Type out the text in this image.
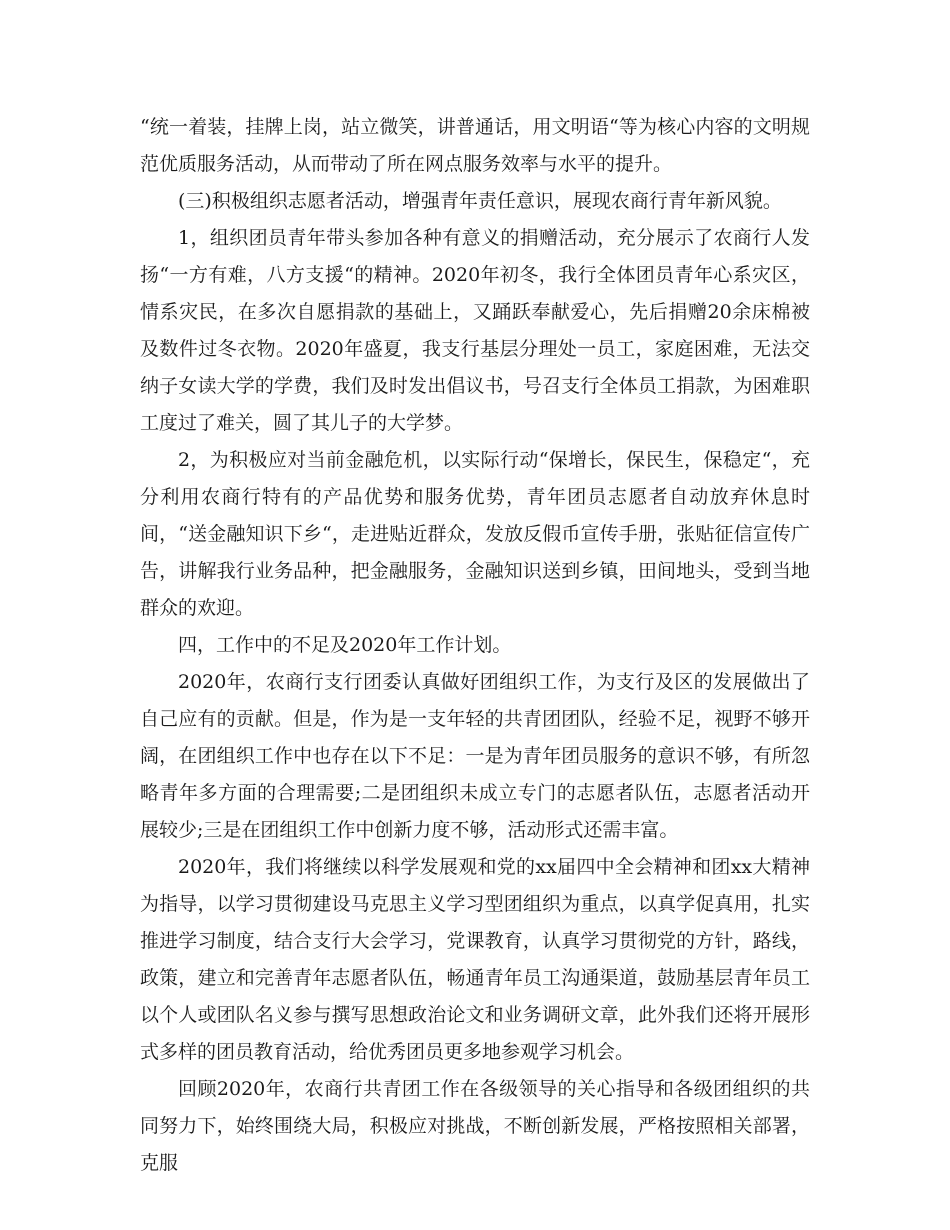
“统一着装，挂牌上岗，站立微笑，讲普通话，用文明语“等为核心内容的文明规范优质服务活动，从而带动了所在网点服务效率与水平的提升。

(三)积极组织志愿者活动，增强青年责任意识，展现农商行青年新风貌。

1，组织团员青年带头参加各种有意义的捐赠活动，充分展示了农商行人发扬“一方有难，八方支援“的精神。2020年初冬，我行全体团员青年心系灾区，情系灾民，在多次自愿捐款的基础上，又踊跃奉献爱心，先后捐赠20余床棉被及数件过冬衣物。2020年盛夏，我支行基层分理处一员工，家庭困难，无法交纳子女读大学的学费，我们及时发出倡议书，号召支行全体员工捐款，为困难职工度过了难关，圆了其儿子的大学梦。

2，为积极应对当前金融危机，以实际行动“保增长，保民生，保稳定“，充分利用农商行特有的产品优势和服务优势，青年团员志愿者自动放弃休息时间，“送金融知识下乡“，走进贴近群众，发放反假币宣传手册，张贴征信宣传广告，讲解我行业务品种，把金融服务，金融知识送到乡镇，田间地头，受到当地群众的欢迎。

四，工作中的不足及2020年工作计划。

2020年，农商行支行团委认真做好团组织工作，为支行及区的发展做出了自己应有的贡献。但是，作为是一支年轻的共青团团队，经验不足，视野不够开阔，在团组织工作中也存在以下不足：一是为青年团员服务的意识不够，有所忽略青年多方面的合理需要;二是团组织未成立专门的志愿者队伍，志愿者活动开展较少;三是在团组织工作中创新力度不够，活动形式还需丰富。

2020年，我们将继续以科学发展观和党的xx届四中全会精神和团xx大精神为指导，以学习贯彻建设马克思主义学习型团组织为重点，以真学促真用，扎实推进学习制度，结合支行大会学习，党课教育，认真学习贯彻党的方针，路线，政策，建立和完善青年志愿者队伍，畅通青年员工沟通渠道，鼓励基层青年员工以个人或团队名义参与撰写思想政治论文和业务调研文章，此外我们还将开展形式多样的团员教育活动，给优秀团员更多地参观学习机会。

回顾2020年，农商行共青团工作在各级领导的关心指导和各级团组织的共同努力下，始终围绕大局，积极应对挑战，不断创新发展，严格按照相关部署，克服
